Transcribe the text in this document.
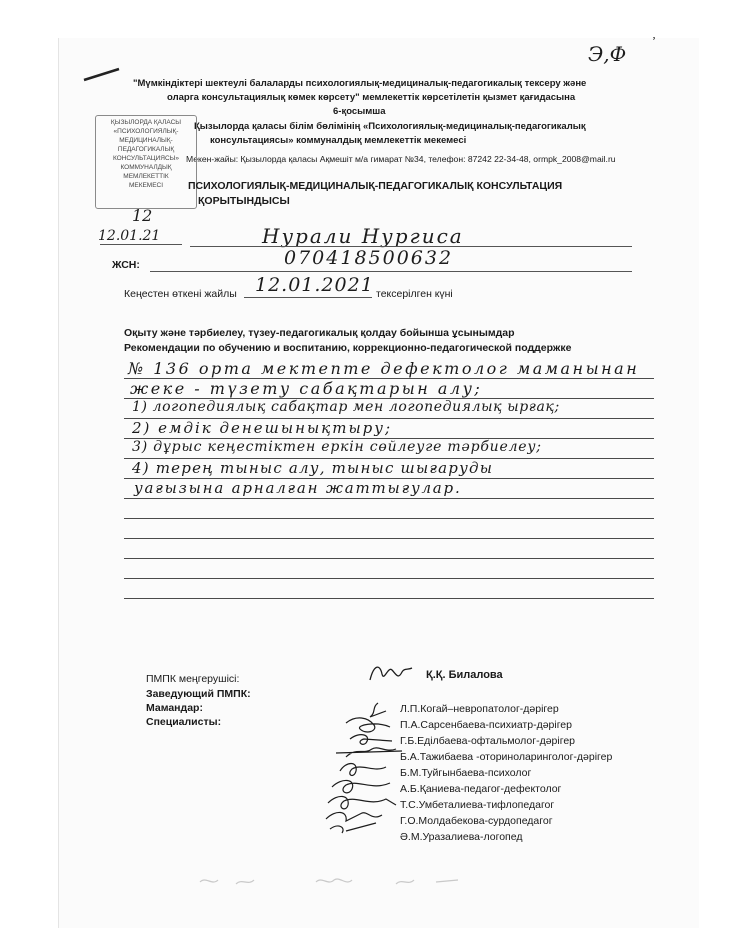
Э,Ф
ʼ
"Мүмкіндіктері шектеулі балаларды психологиялық-медициналық-педагогикалық тексеру және
оларга консультациялық көмек көрсету" мемлекеттік көрсетілетін қызмет қағидасына
6-қосымша
Қызылорда қаласы білім бөлімінің «Психологиялық-медициналық-педагогикалық
консультациясы» коммуналдық мемлекеттік мекемесі
Мекен-жайы: Қызылорда қаласы Ақмешіт м/а гимарат №34, телефон: 87242 22-34-48, ormpk_2008@mail.ru
ҚЫЗЫЛОРДА ҚАЛАСЫ
«ПСИХОЛОГИЯЛЫҚ-
МЕДИЦИНАЛЫҚ-
ПЕДАГОГИКАЛЫҚ
КОНСУЛЬТАЦИЯСЫ»
КОММУНАЛДЫҚ
МЕМЛЕКЕТТІК
МЕКЕМЕСІ	ПСИХОЛОГИЯЛЫҚ-МЕДИЦИНАЛЫҚ-ПЕДАГОГИКАЛЫҚ КОНСУЛЬТАЦИЯ
ҚОРЫТЫНДЫСЫ
12
12.01.21	Нурали Нургиса
ЖСН:	070418500632
Кеңестен өткені жайлы 12.01.2021 тексерілген күні
Оқыту және тәрбиелеу, түзеу-педагогикалық қолдау бойынша ұсынымдар
Рекомендации по обучению и воспитанию, коррекционно-педагогической поддержке
№ 136 орта мектепте дефектолог маманынан
жеке - түзету сабақтарын алу;
1) логопедиялық сабақтар мен логопедиялық ырғақ;
2) емдік денешынықтыру;
3) дұрыс кеңестіктен еркін сөйлеуге тәрбиелеу;
4) терең тыныс алу, тыныс шығаруды
уағызына арналған жаттығулар.
ПМПК меңгерушісі:
Заведующий ПМПК:
Мамандар:
Специалисты:
Қ.Қ. Билалова
Л.П.Когай–невропатолог-дәрігер
П.А.Сарсенбаева-психиатр-дәрігер
Г.Б.Еділбаева-офтальмолог-дәрігер
Б.А.Тажибаева -оториноларинголог-дәрігер
Б.М.Туйгынбаева-психолог
А.Б.Қаниева-педагог-дефектолог
Т.С.Умбеталиева-тифлопедагог
Г.О.Молдабекова-сурдопедагог
Ә.М.Уразалиева-логопед
